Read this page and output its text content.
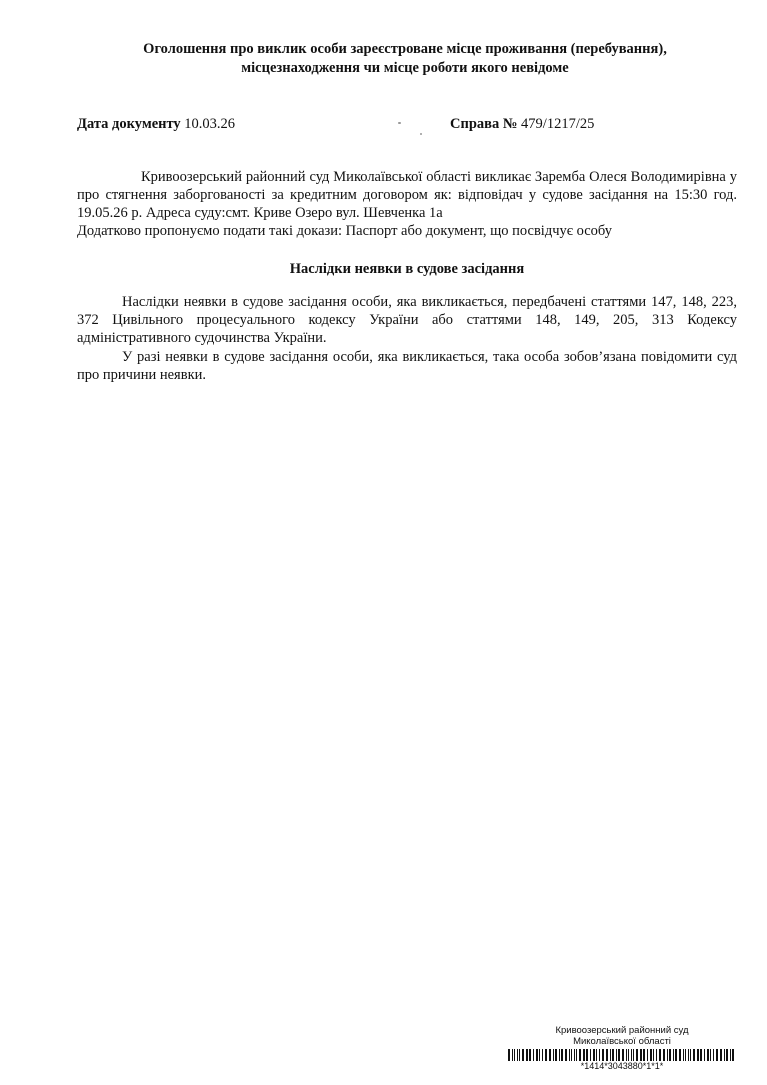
Оголошення про виклик особи зареєстроване місце проживання (перебування),
місцезнаходження чи місце роботи якого невідоме
Дата документу 10.03.26	Справа № 479/1217/25
Кривоозерський районний суд Миколаївської області викликає Заремба Олеся Володимирівна у про стягнення заборгованості за кредитним договором як: відповідач у судове засідання на 15:30 год. 19.05.26 р. Адреса суду:смт. Криве Озеро вул. Шевченка 1а
Додатково пропонуємо подати такі докази: Паспорт або документ, що посвідчує особу
Наслідки неявки в судове засідання
Наслідки неявки в судове засідання особи, яка викликається, передбачені статтями 147, 148, 223, 372 Цивільного процесуального кодексу України або статтями 148, 149, 205, 313 Кодексу адміністративного судочинства України.
У разі неявки в судове засідання особи, яка викликається, така особа зобов’язана повідомити суд про причини неявки.
Кривоозерський районний суд
Миколаївської області
*1414*3043880*1*1*
